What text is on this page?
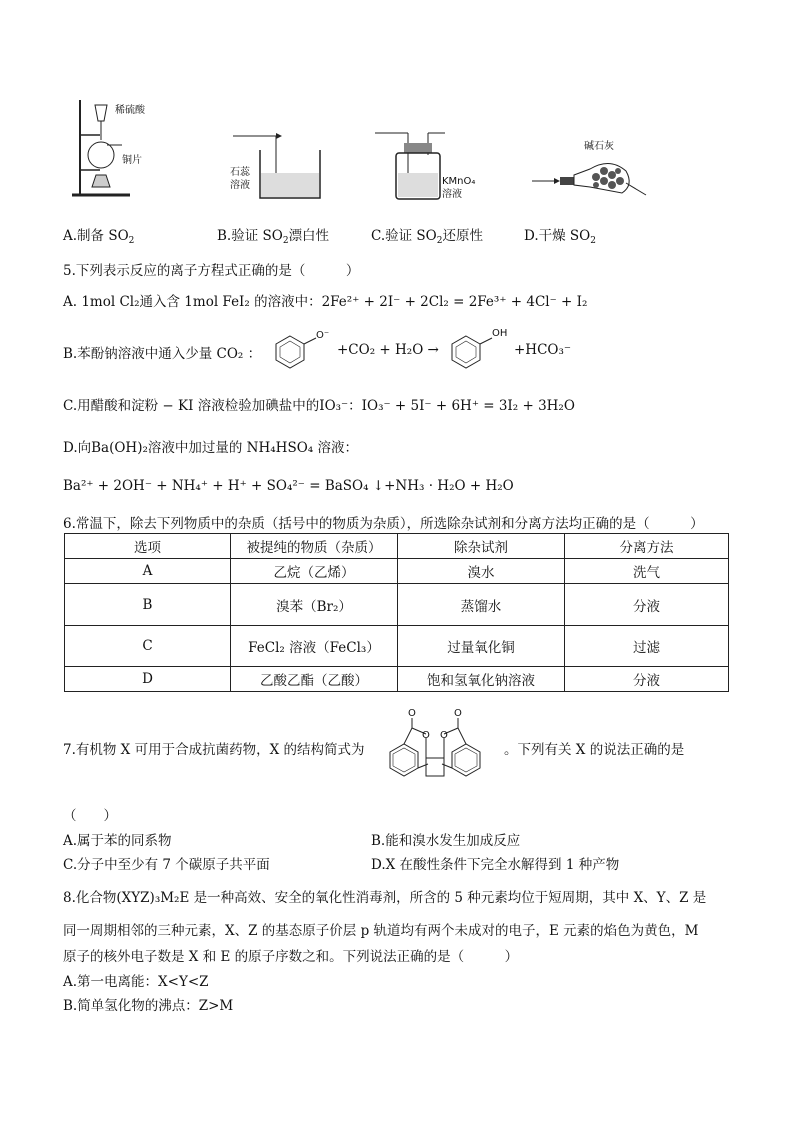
稀硫酸
铜片
石蕊
溶液	KMnO₄
溶液
碱石灰
A.制备 $SO_2$	B.验证 $SO_2$漂白性	C.验证 $SO_2$还原性	D.干燥 $SO_2$
5.下列表示反应的离子方程式正确的是（　　　）
A. 1mol Cl₂通入含 1mol FeI₂ 的溶液中：2Fe²⁺ + 2I⁻ + 2Cl₂ = 2Fe³⁺ + 4Cl⁻ + I₂
B.苯酚钠溶液中通入少量 CO₂ ：
O⁻
+CO₂ + H₂O →
OH
+HCO₃⁻
C.用醋酸和淀粉 − KI 溶液检验加碘盐中的IO₃⁻：IO₃⁻ + 5I⁻ + 6H⁺ = 3I₂ + 3H₂O
D.向Ba(OH)₂溶液中加过量的 NH₄HSO₄ 溶液：
Ba²⁺ + 2OH⁻ + NH₄⁺ + H⁺ + SO₄²⁻ = BaSO₄ ↓+NH₃ · H₂O + H₂O
6.常温下，除去下列物质中的杂质（括号中的物质为杂质），所选除杂试剂和分离方法均正确的是（　　　）
选项	被提纯的物质（杂质）	除杂试剂	分离方法
A	乙烷（乙烯）	溴水	洗气
B	溴苯（Br₂）	蒸馏水	分液
C	FeCl₂ 溶液（FeCl₃）	过量氧化铜	过滤
D	乙酸乙酯（乙酸）	饱和氢氧化钠溶液	分液
7.有机物 X 可用于合成抗菌药物，X 的结构简式为
O
O O
O
。下列有关 X 的说法正确的是
（　　）
A.属于苯的同系物	B.能和溴水发生加成反应
C.分子中至少有 7 个碳原子共平面	D.X 在酸性条件下完全水解得到 1 种产物
8.化合物(XYZ)₃M₂E 是一种高效、安全的氧化性消毒剂，所含的 5 种元素均位于短周期，其中 X、Y、Z 是
同一周期相邻的三种元素，X、Z 的基态原子价层 p 轨道均有两个未成对的电子，E 元素的焰色为黄色，M
原子的核外电子数是 X 和 E 的原子序数之和。下列说法正确的是（　　　）
A.第一电离能：X<Y<Z
B.简单氢化物的沸点：Z>M
